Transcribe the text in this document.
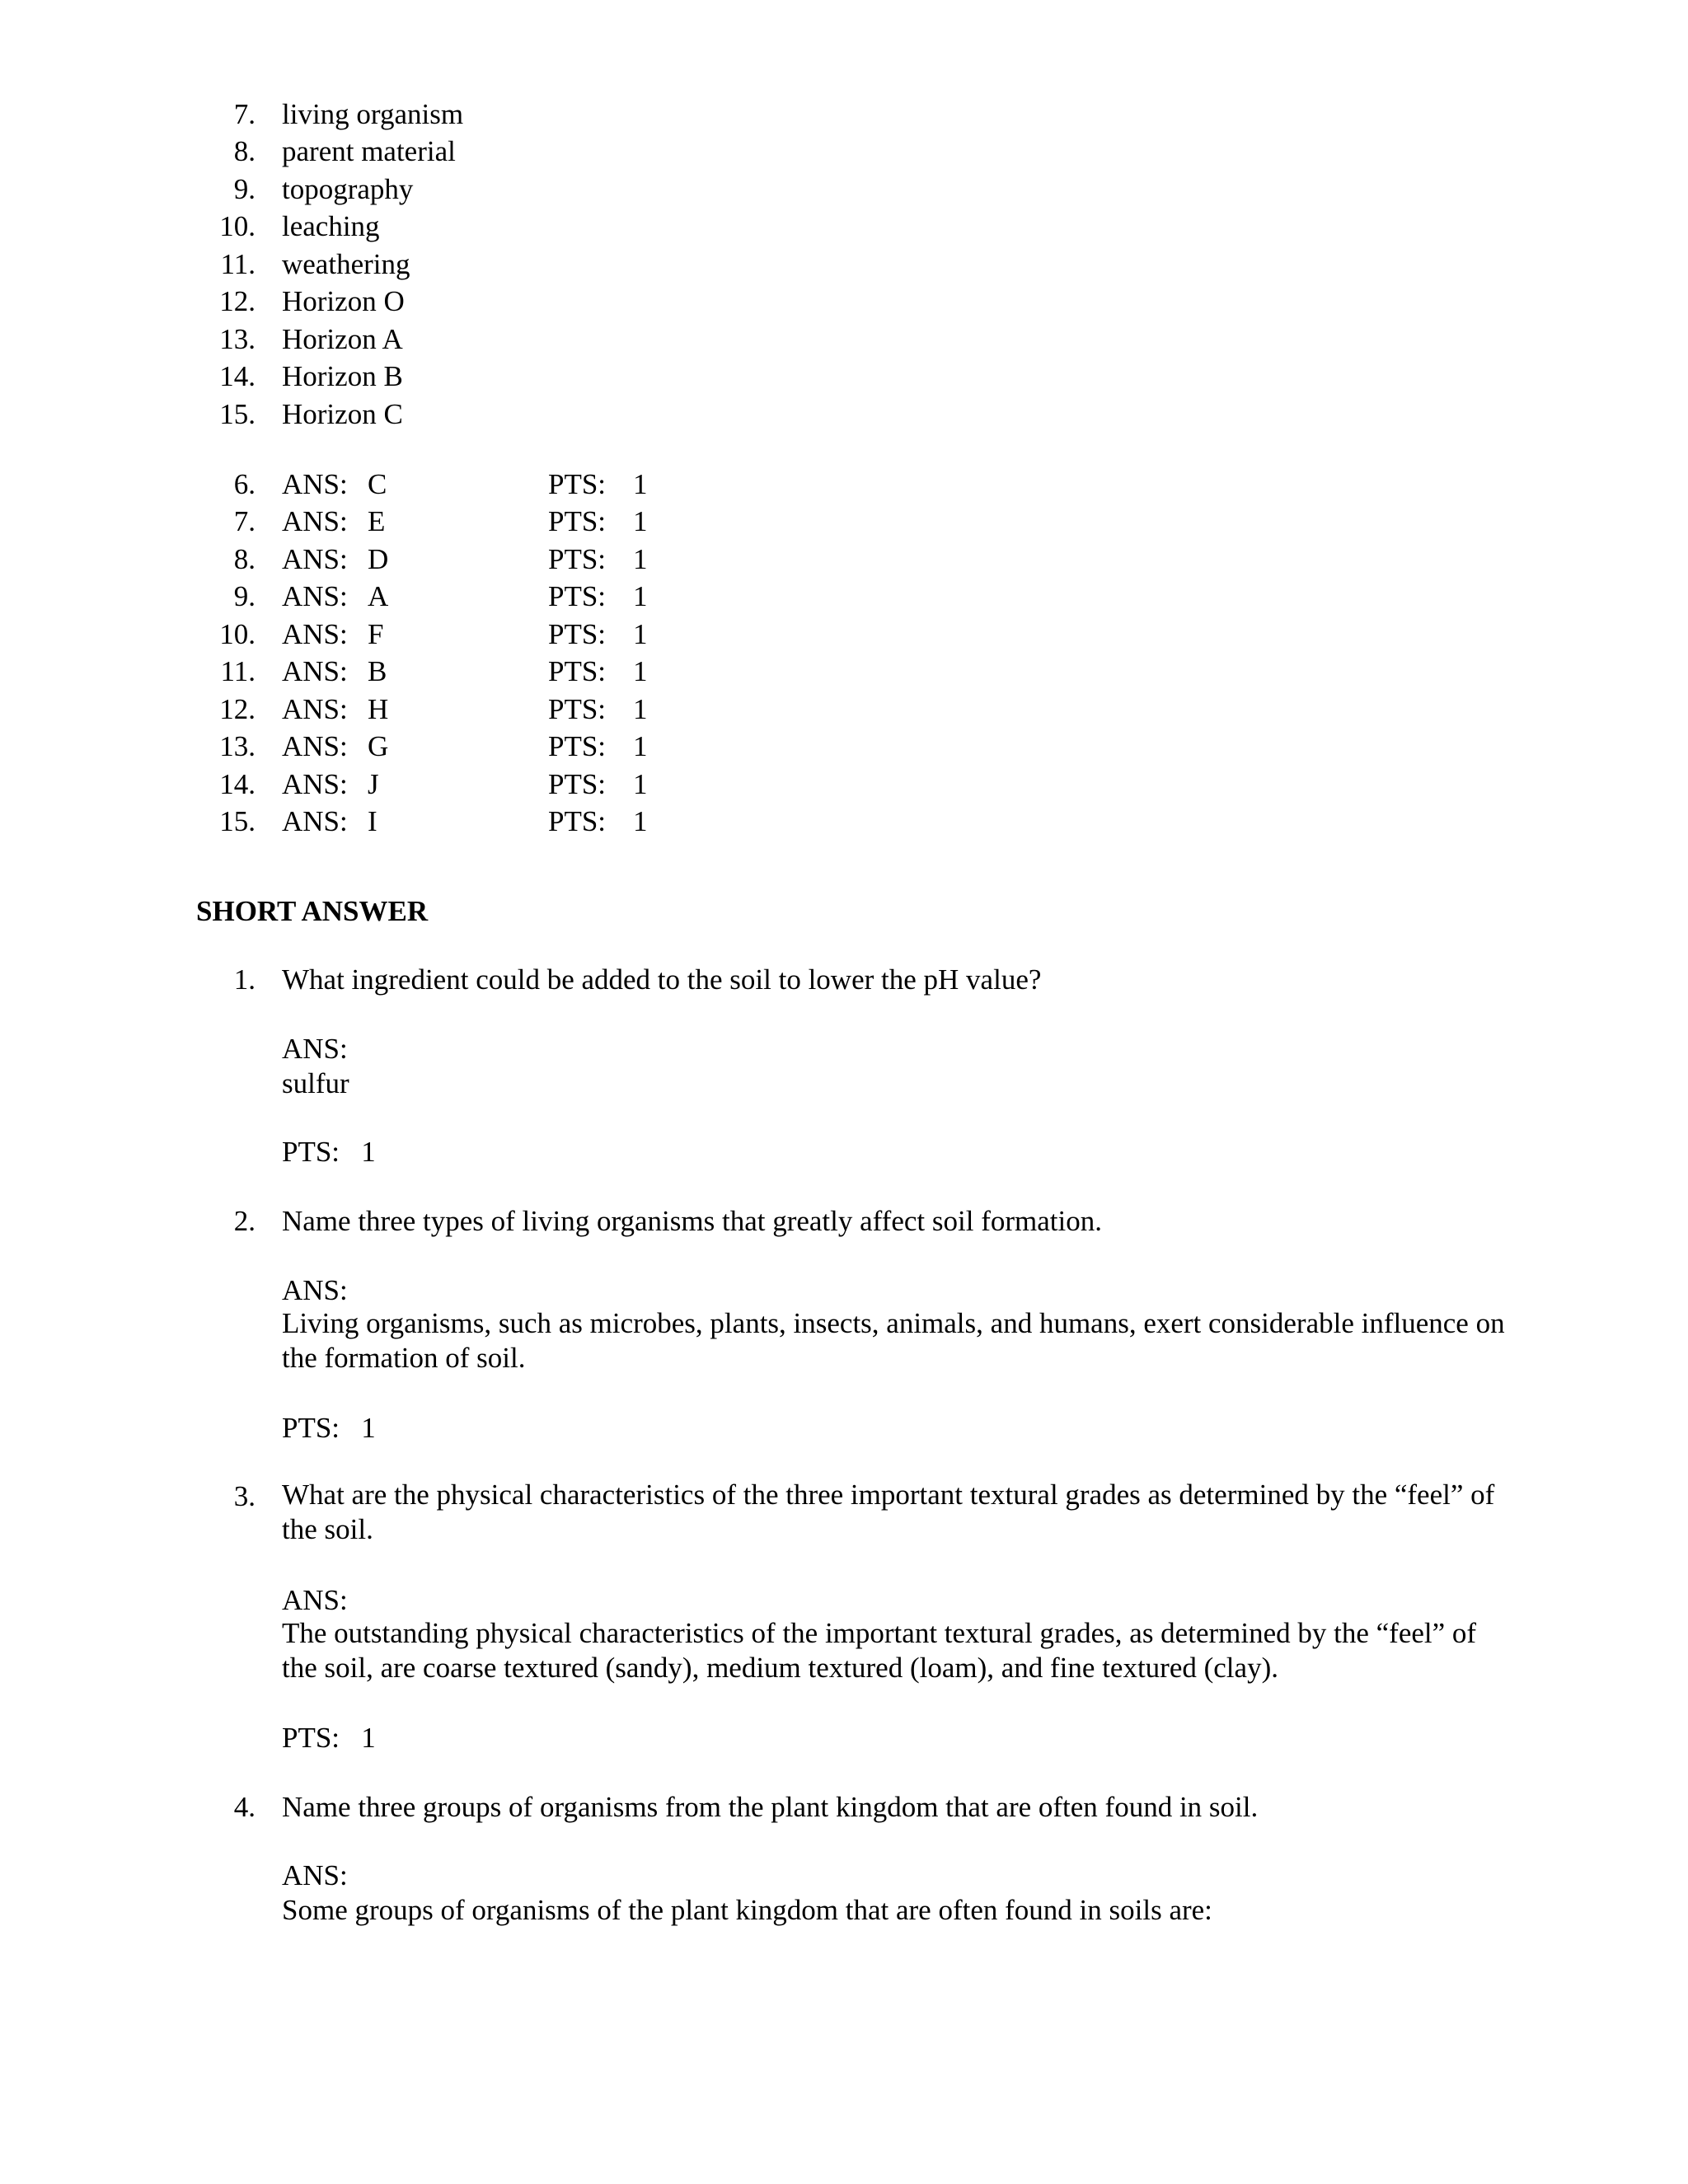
7. living organism
8. parent material
9. topography
10. leaching
11. weathering
12. Horizon O
13. Horizon A
14. Horizon B
15. Horizon C
6. ANS: C	PTS: 1
7. ANS: E	PTS: 1
8. ANS: D	PTS: 1
9. ANS: A	PTS: 1
10. ANS: F	PTS: 1
11. ANS: B	PTS: 1
12. ANS: H	PTS: 1
13. ANS: G	PTS: 1
14. ANS: J	PTS: 1
15. ANS: I	PTS: 1
SHORT ANSWER
1. What ingredient could be added to the soil to lower the pH value?
ANS:
sulfur
PTS:   1
2. Name three types of living organisms that greatly affect soil formation.
ANS:
Living organisms, such as microbes, plants, insects, animals, and humans, exert considerable influence on the formation of soil.
PTS:   1
3. What are the physical characteristics of the three important textural grades as determined by the “feel” of the soil.
ANS:
The outstanding physical characteristics of the important textural grades, as determined by the “feel” of the soil, are coarse textured (sandy), medium textured (loam), and fine textured (clay).
PTS:   1
4. Name three groups of organisms from the plant kingdom that are often found in soil.
ANS:
Some groups of organisms of the plant kingdom that are often found in soils are:
